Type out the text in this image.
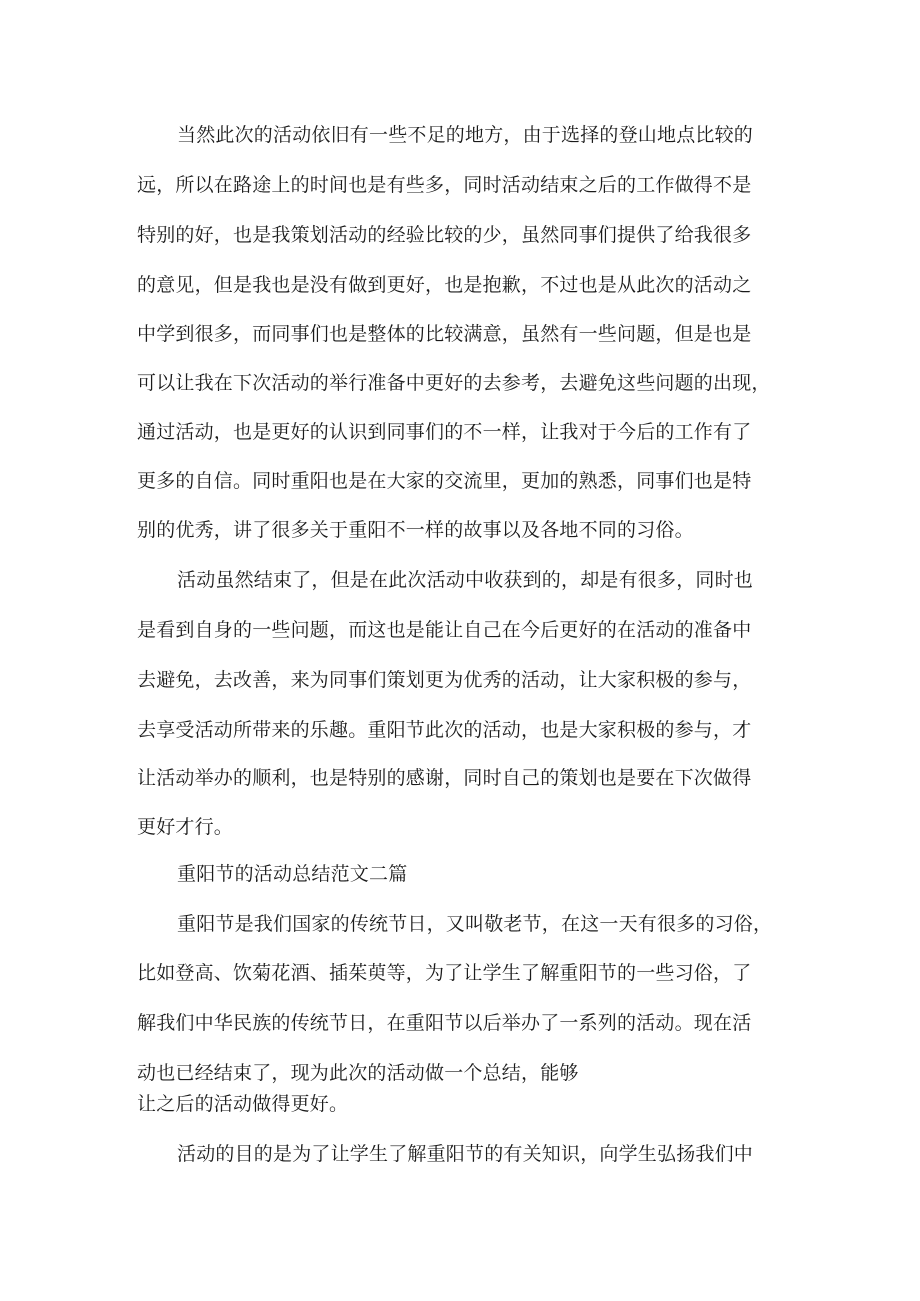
当然此次的活动依旧有一些不足的地方，由于选择的登山地点比较的
远，所以在路途上的时间也是有些多，同时活动结束之后的工作做得不是
特别的好，也是我策划活动的经验比较的少，虽然同事们提供了给我很多
的意见，但是我也是没有做到更好，也是抱歉，不过也是从此次的活动之
中学到很多，而同事们也是整体的比较满意，虽然有一些问题，但是也是
可以让我在下次活动的举行准备中更好的去参考，去避免这些问题的出现，
通过活动，也是更好的认识到同事们的不一样，让我对于今后的工作有了
更多的自信。同时重阳也是在大家的交流里，更加的熟悉，同事们也是特
别的优秀，讲了很多关于重阳不一样的故事以及各地不同的习俗。
活动虽然结束了，但是在此次活动中收获到的，却是有很多，同时也
是看到自身的一些问题，而这也是能让自己在今后更好的在活动的准备中
去避免，去改善，来为同事们策划更为优秀的活动，让大家积极的参与，
去享受活动所带来的乐趣。重阳节此次的活动，也是大家积极的参与，才
让活动举办的顺利，也是特别的感谢，同时自己的策划也是要在下次做得
更好才行。
重阳节的活动总结范文二篇
重阳节是我们国家的传统节日，又叫敬老节，在这一天有很多的习俗，
比如登高、饮菊花酒、插茱萸等，为了让学生了解重阳节的一些习俗，了
解我们中华民族的传统节日，在重阳节以后举办了一系列的活动。现在活
动也已经结束了，现为此次的活动做一个总结，能够
让之后的活动做得更好。
活动的目的是为了让学生了解重阳节的有关知识，向学生弘扬我们中
